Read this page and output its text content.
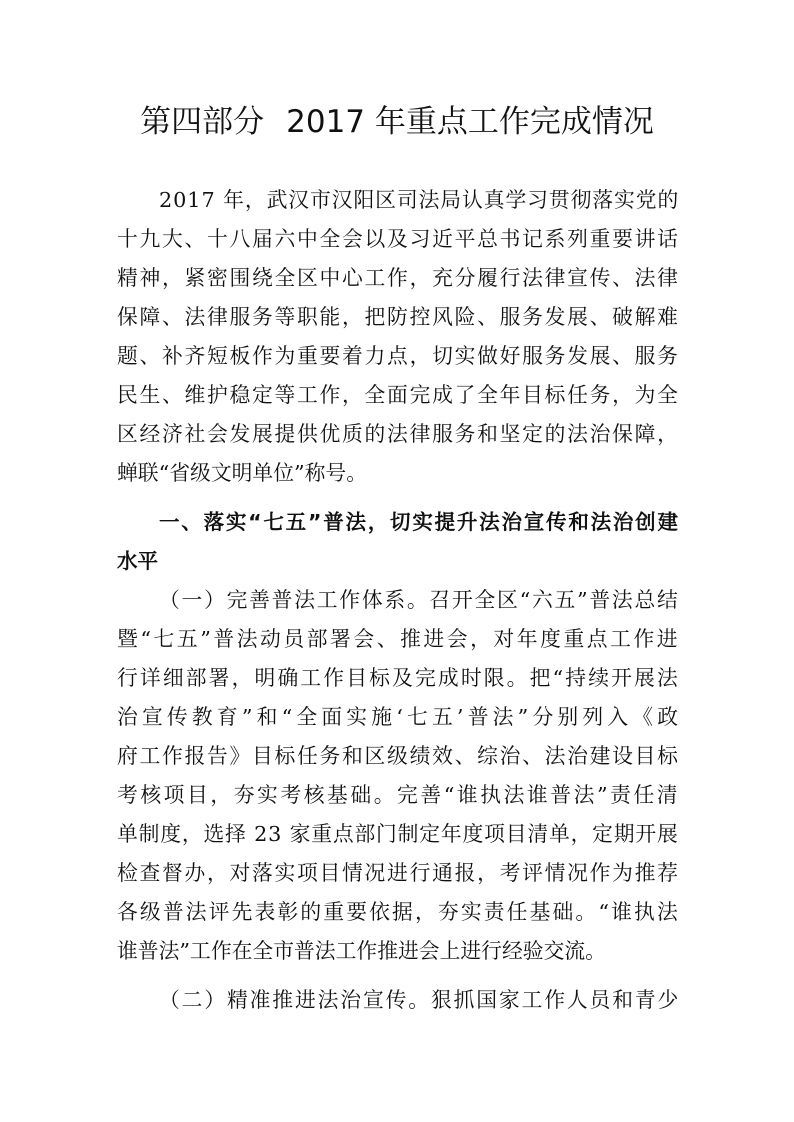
第四部分 2017 年重点工作完成情况
2017 年，武汉市汉阳区司法局认真学习贯彻落实党的
十九大、十八届六中全会以及习近平总书记系列重要讲话
精神，紧密围绕全区中心工作，充分履行法律宣传、法律
保障、法律服务等职能，把防控风险、服务发展、破解难
题、补齐短板作为重要着力点，切实做好服务发展、服务
民生、维护稳定等工作，全面完成了全年目标任务，为全
区经济社会发展提供优质的法律服务和坚定的法治保障，
蝉联“省级文明单位”称号。
一、落实“七五”普法，切实提升法治宣传和法治创建
水平
（一）完善普法工作体系。召开全区“六五”普法总结
暨“七五”普法动员部署会、推进会，对年度重点工作进
行详细部署，明确工作目标及完成时限。把“持续开展法
治宣传教育”和“全面实施‘七五’普法”分别列入《政
府工作报告》目标任务和区级绩效、综治、法治建设目标
考核项目，夯实考核基础。完善“谁执法谁普法”责任清
单制度，选择 23 家重点部门制定年度项目清单，定期开展
检查督办，对落实项目情况进行通报，考评情况作为推荐
各级普法评先表彰的重要依据，夯实责任基础。“谁执法
谁普法”工作在全市普法工作推进会上进行经验交流。
（二）精准推进法治宣传。狠抓国家工作人员和青少
